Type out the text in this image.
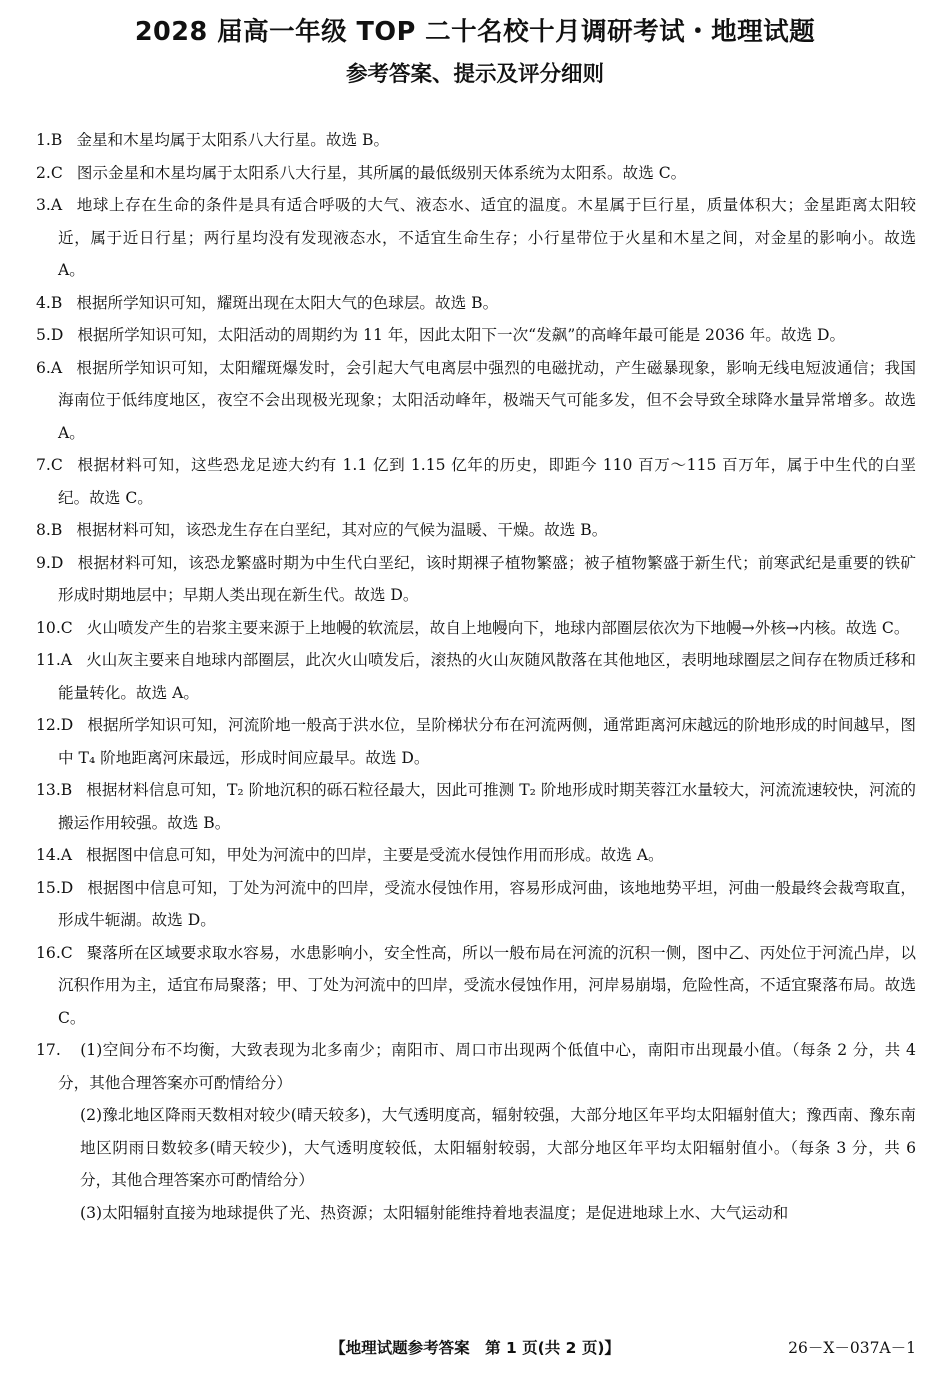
2028 届高一年级 TOP 二十名校十月调研考试・地理试题
参考答案、提示及评分细则
1.B 金星和木星均属于太阳系八大行星。故选 B。
2.C 图示金星和木星均属于太阳系八大行星，其所属的最低级别天体系统为太阳系。故选 C。
3.A 地球上存在生命的条件是具有适合呼吸的大气、液态水、适宜的温度。木星属于巨行星，质量体积大；金星距离太阳较近，属于近日行星；两行星均没有发现液态水，不适宜生命生存；小行星带位于火星和木星之间，对金星的影响小。故选 A。
4.B 根据所学知识可知，耀斑出现在太阳大气的色球层。故选 B。
5.D 根据所学知识可知，太阳活动的周期约为 11 年，因此太阳下一次“发飙”的高峰年最可能是 2036 年。故选 D。
6.A 根据所学知识可知，太阳耀斑爆发时，会引起大气电离层中强烈的电磁扰动，产生磁暴现象，影响无线电短波通信；我国海南位于低纬度地区，夜空不会出现极光现象；太阳活动峰年，极端天气可能多发，但不会导致全球降水量异常增多。故选 A。
7.C 根据材料可知，这些恐龙足迹大约有 1.1 亿到 1.15 亿年的历史，即距今 110 百万～115 百万年，属于中生代的白垩纪。故选 C。
8.B 根据材料可知，该恐龙生存在白垩纪，其对应的气候为温暖、干燥。故选 B。
9.D 根据材料可知，该恐龙繁盛时期为中生代白垩纪，该时期裸子植物繁盛；被子植物繁盛于新生代；前寒武纪是重要的铁矿形成时期地层中；早期人类出现在新生代。故选 D。
10.C 火山喷发产生的岩浆主要来源于上地幔的软流层，故自上地幔向下，地球内部圈层依次为下地幔→外核→内核。故选 C。
11.A 火山灰主要来自地球内部圈层，此次火山喷发后，滚热的火山灰随风散落在其他地区，表明地球圈层之间存在物质迁移和能量转化。故选 A。
12.D 根据所学知识可知，河流阶地一般高于洪水位，呈阶梯状分布在河流两侧，通常距离河床越远的阶地形成的时间越早，图中 T₄ 阶地距离河床最远，形成时间应最早。故选 D。
13.B 根据材料信息可知，T₂ 阶地沉积的砾石粒径最大，因此可推测 T₂ 阶地形成时期芙蓉江水量较大，河流流速较快，河流的搬运作用较强。故选 B。
14.A 根据图中信息可知，甲处为河流中的凹岸，主要是受流水侵蚀作用而形成。故选 A。
15.D 根据图中信息可知，丁处为河流中的凹岸，受流水侵蚀作用，容易形成河曲，该地地势平坦，河曲一般最终会裁弯取直，形成牛轭湖。故选 D。
16.C 聚落所在区域要求取水容易，水患影响小，安全性高，所以一般布局在河流的沉积一侧，图中乙、丙处位于河流凸岸，以沉积作用为主，适宜布局聚落；甲、丁处为河流中的凹岸，受流水侵蚀作用，河岸易崩塌，危险性高，不适宜聚落布局。故选 C。
17. (1)空间分布不均衡，大致表现为北多南少；南阳市、周口市出现两个低值中心，南阳市出现最小值。（每条 2 分，共 4 分，其他合理答案亦可酌情给分）
(2)豫北地区降雨天数相对较少(晴天较多)，大气透明度高，辐射较强，大部分地区年平均太阳辐射值大；豫西南、豫东南地区阴雨日数较多(晴天较少)，大气透明度较低，太阳辐射较弱，大部分地区年平均太阳辐射值小。（每条 3 分，共 6 分，其他合理答案亦可酌情给分）
(3)太阳辐射直接为地球提供了光、热资源；太阳辐射能维持着地表温度；是促进地球上水、大气运动和
【地理试题参考答案　第 1 页(共 2 页)】	26－X－037A－1
